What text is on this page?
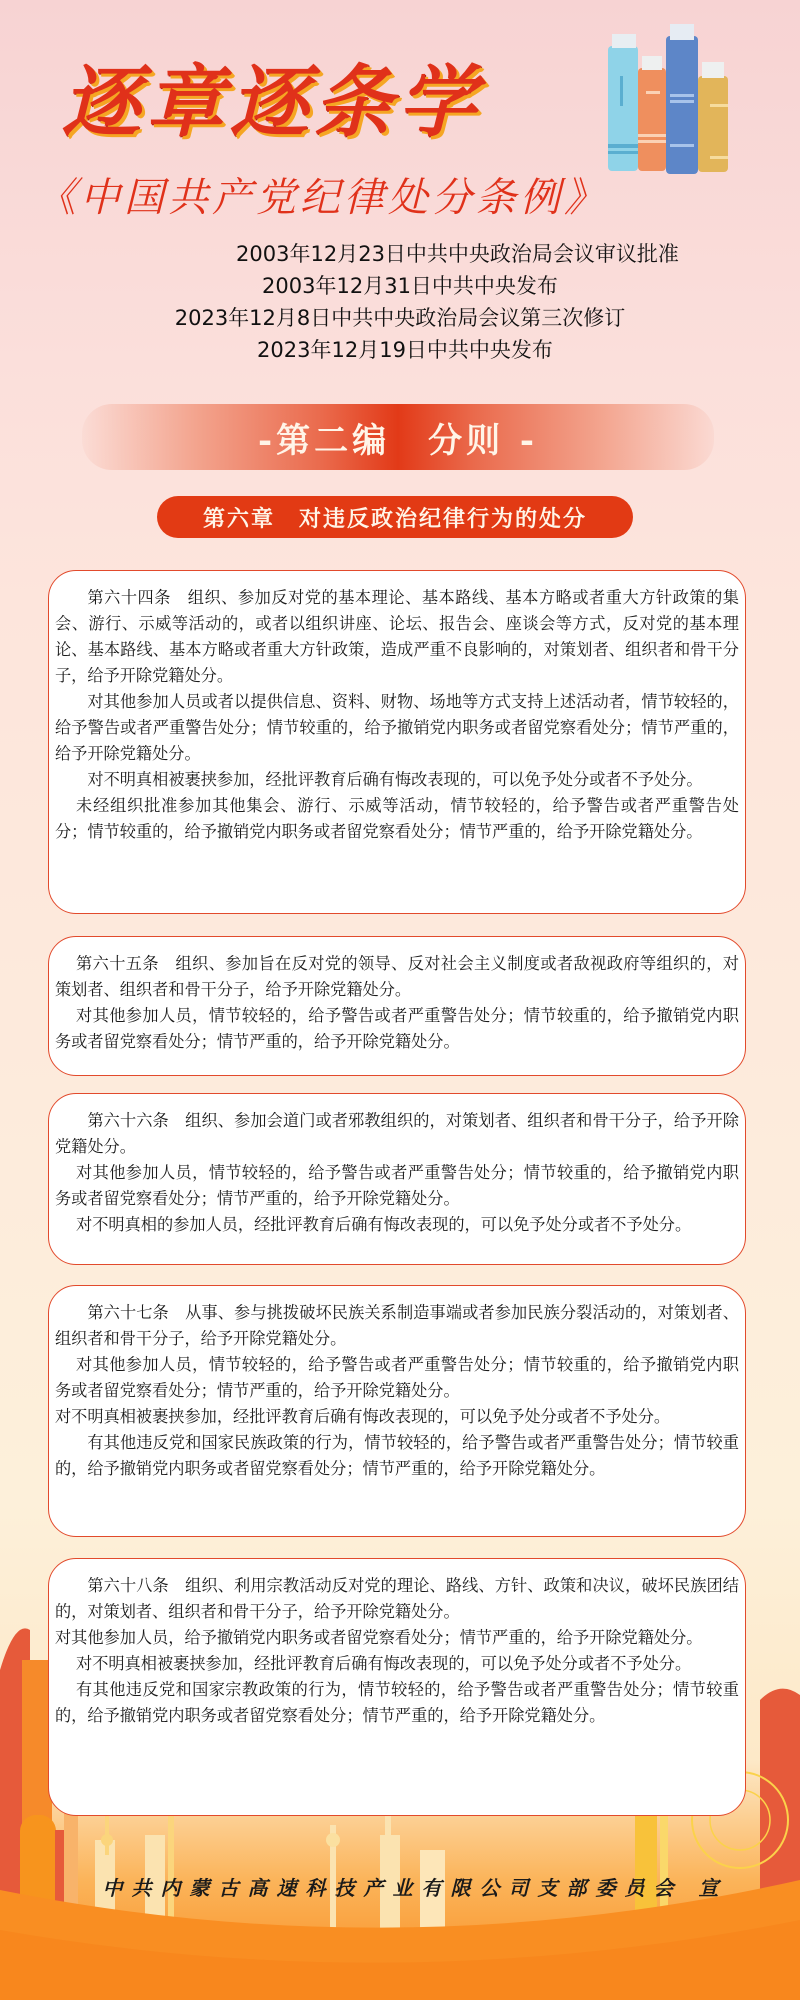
逐章逐条学
《中国共产党纪律处分条例》
2003年12月23日中共中央政治局会议审议批准
2003年12月31日中共中央发布
2023年12月8日中共中央政治局会议第三次修订
2023年12月19日中共中央发布
-第二编　分则 -
第六章　对违反政治纪律行为的处分

第六十四条　组织、参加反对党的基本理论、基本路线、基本方略或者重大方针政策的集会、游行、示威等活动的，或者以组织讲座、论坛、报告会、座谈会等方式，反对党的基本理论、基本路线、基本方略或者重大方针政策，造成严重不良影响的，对策划者、组织者和骨干分子，给予开除党籍处分。

对其他参加人员或者以提供信息、资料、财物、场地等方式支持上述活动者，情节较轻的，给予警告或者严重警告处分；情节较重的，给予撤销党内职务或者留党察看处分；情节严重的，给予开除党籍处分。

对不明真相被裹挟参加，经批评教育后确有悔改表现的，可以免予处分或者不予处分。

未经组织批准参加其他集会、游行、示威等活动，情节较轻的，给予警告或者严重警告处分；情节较重的，给予撤销党内职务或者留党察看处分；情节严重的，给予开除党籍处分。

第六十五条　组织、参加旨在反对党的领导、反对社会主义制度或者敌视政府等组织的，对策划者、组织者和骨干分子，给予开除党籍处分。

对其他参加人员，情节较轻的，给予警告或者严重警告处分；情节较重的，给予撤销党内职务或者留党察看处分；情节严重的，给予开除党籍处分。

第六十六条　组织、参加会道门或者邪教组织的，对策划者、组织者和骨干分子，给予开除党籍处分。

对其他参加人员，情节较轻的，给予警告或者严重警告处分；情节较重的，给予撤销党内职务或者留党察看处分；情节严重的，给予开除党籍处分。

对不明真相的参加人员，经批评教育后确有悔改表现的，可以免予处分或者不予处分。

第六十七条　从事、参与挑拨破坏民族关系制造事端或者参加民族分裂活动的，对策划者、组织者和骨干分子，给予开除党籍处分。

对其他参加人员，情节较轻的，给予警告或者严重警告处分；情节较重的，给予撤销党内职务或者留党察看处分；情节严重的，给予开除党籍处分。

对不明真相被裹挟参加，经批评教育后确有悔改表现的，可以免予处分或者不予处分。

有其他违反党和国家民族政策的行为，情节较轻的，给予警告或者严重警告处分；情节较重的，给予撤销党内职务或者留党察看处分；情节严重的，给予开除党籍处分。

第六十八条　组织、利用宗教活动反对党的理论、路线、方针、政策和决议，破坏民族团结的，对策划者、组织者和骨干分子，给予开除党籍处分。

对其他参加人员，给予撤销党内职务或者留党察看处分；情节严重的，给予开除党籍处分。

对不明真相被裹挟参加，经批评教育后确有悔改表现的，可以免予处分或者不予处分。

有其他违反党和国家宗教政策的行为，情节较轻的，给予警告或者严重警告处分；情节较重的，给予撤销党内职务或者留党察看处分；情节严重的，给予开除党籍处分。

中共内蒙古高速科技产业有限公司支部委员会 宣
